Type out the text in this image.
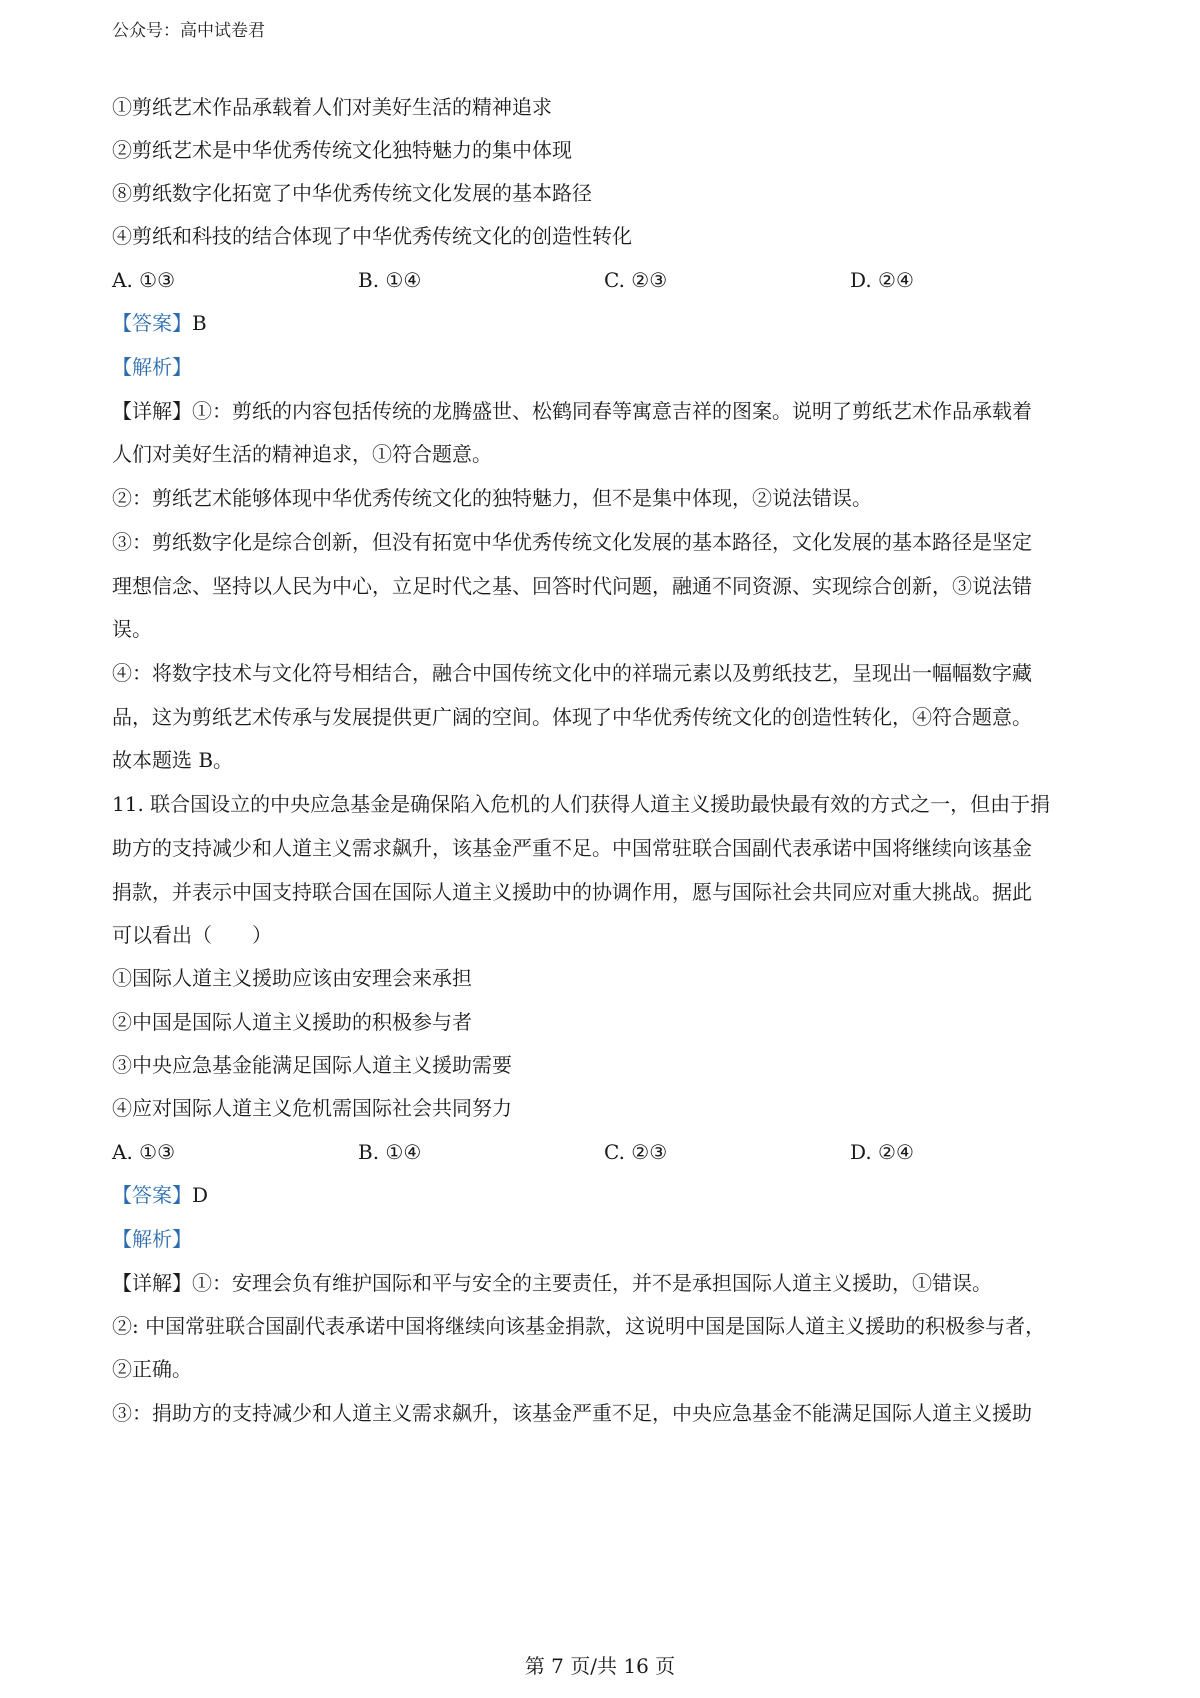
公众号：高中试卷君
①剪纸艺术作品承载着人们对美好生活的精神追求
②剪纸艺术是中华优秀传统文化独特魅力的集中体现
⑧剪纸数字化拓宽了中华优秀传统文化发展的基本路径
④剪纸和科技的结合体现了中华优秀传统文化的创造性转化
A. ①③	B. ①④	C. ②③	D. ②④
【答案】B
【解析】
【详解】①：剪纸的内容包括传统的龙腾盛世、松鹤同春等寓意吉祥的图案。说明了剪纸艺术作品承载着
人们对美好生活的精神追求，①符合题意。
②：剪纸艺术能够体现中华优秀传统文化的独特魅力，但不是集中体现，②说法错误。
③：剪纸数字化是综合创新，但没有拓宽中华优秀传统文化发展的基本路径，文化发展的基本路径是坚定
理想信念、坚持以人民为中心，立足时代之基、回答时代问题，融通不同资源、实现综合创新，③说法错
误。
④：将数字技术与文化符号相结合，融合中国传统文化中的祥瑞元素以及剪纸技艺，呈现出一幅幅数字藏
品，这为剪纸艺术传承与发展提供更广阔的空间。体现了中华优秀传统文化的创造性转化，④符合题意。
故本题选 B。
11. 联合国设立的中央应急基金是确保陷入危机的人们获得人道主义援助最快最有效的方式之一，但由于捐
助方的支持减少和人道主义需求飙升，该基金严重不足。中国常驻联合国副代表承诺中国将继续向该基金
捐款，并表示中国支持联合国在国际人道主义援助中的协调作用，愿与国际社会共同应对重大挑战。据此
可以看出（　　）
①国际人道主义援助应该由安理会来承担
②中国是国际人道主义援助的积极参与者
③中央应急基金能满足国际人道主义援助需要
④应对国际人道主义危机需国际社会共同努力
A. ①③	B. ①④	C. ②③	D. ②④
【答案】D
【解析】
【详解】①：安理会负有维护国际和平与安全的主要责任，并不是承担国际人道主义援助，①错误。
②: 中国常驻联合国副代表承诺中国将继续向该基金捐款，这说明中国是国际人道主义援助的积极参与者，
②正确。
③：捐助方的支持减少和人道主义需求飙升，该基金严重不足，中央应急基金不能满足国际人道主义援助
第 7 页/共 16 页
